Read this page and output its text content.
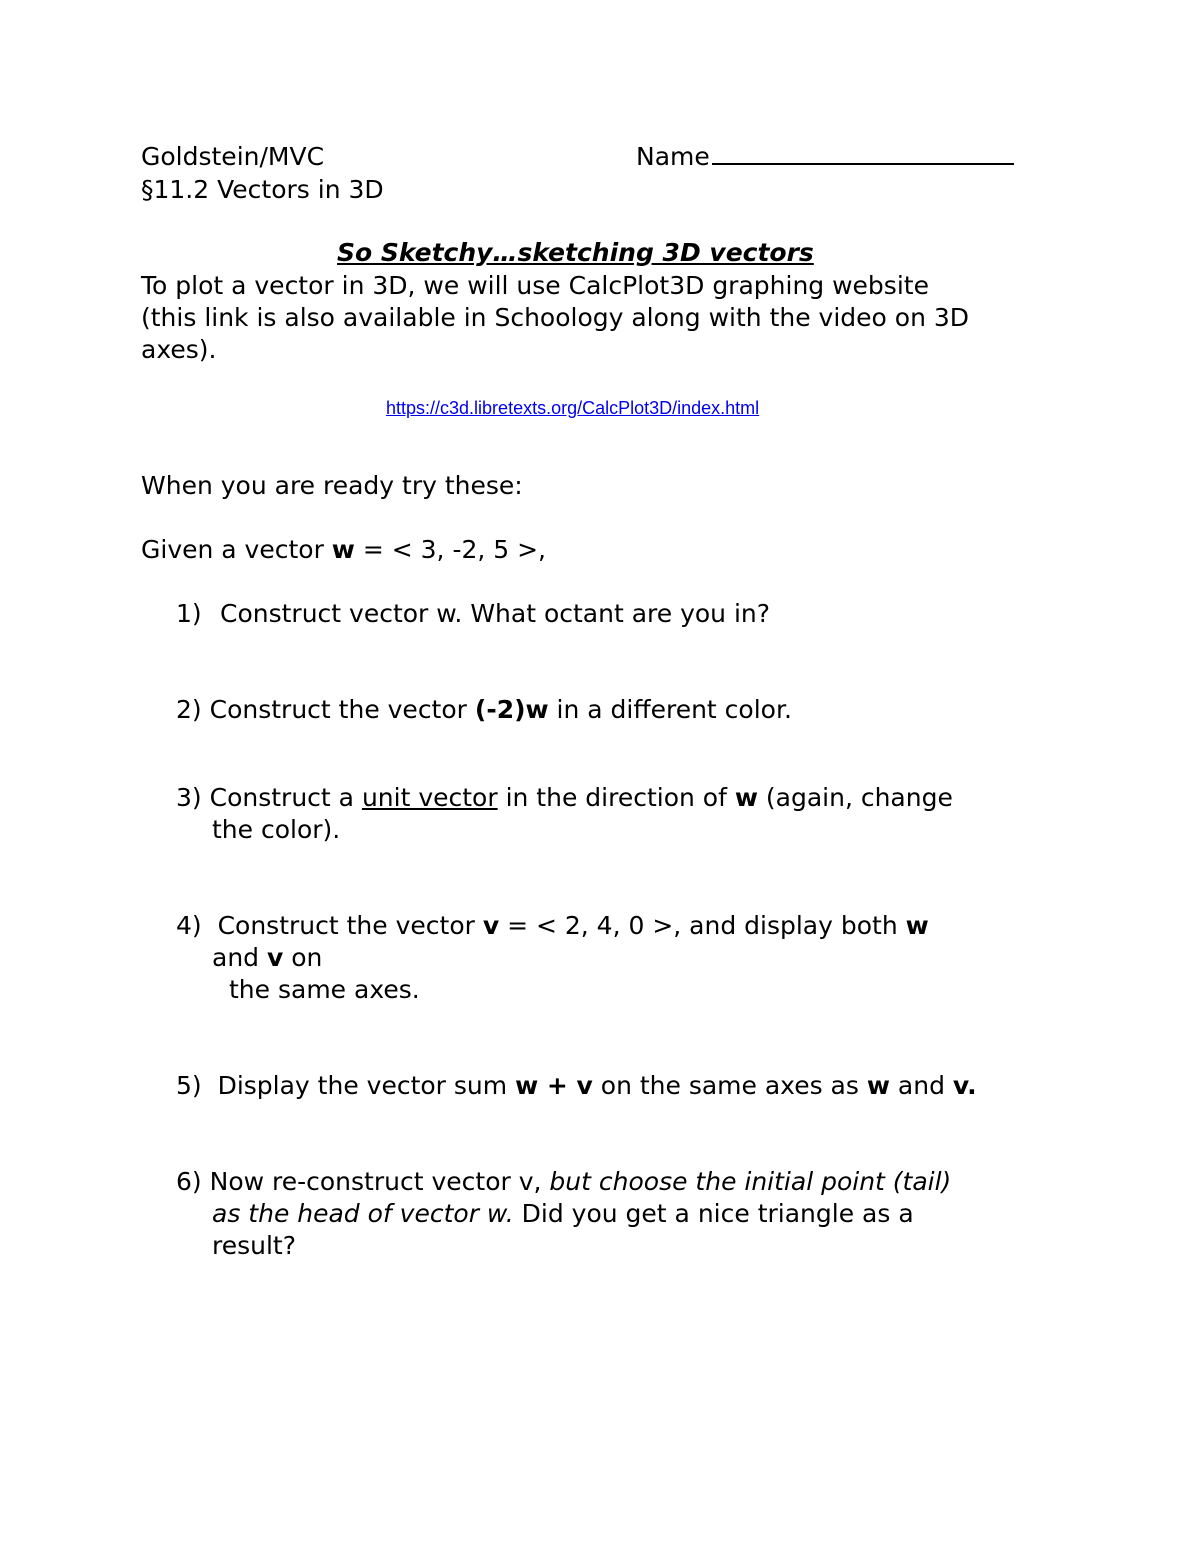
Goldstein/MVC	Name
§11.2 Vectors in 3D
So Sketchy…sketching 3D vectors
To plot a vector in 3D, we will use CalcPlot3D graphing website
(this link is also available in Schoology along with the video on 3D
axes).
https://c3d.libretexts.org/CalcPlot3D/index.html
When you are ready try these:
Given a vector w = < 3, -2, 5 >,
1) Construct vector w. What octant are you in?
2) Construct the vector (-2)w in a different color.
3) Construct a unit vector in the direction of w (again, change
the color).
4) Construct the vector v = < 2, 4, 0 >, and display both w
and v on
the same axes.
5) Display the vector sum w + v on the same axes as w and v.
6) Now re-construct vector v, but choose the initial point (tail)
as the head of vector w. Did you get a nice triangle as a
result?
